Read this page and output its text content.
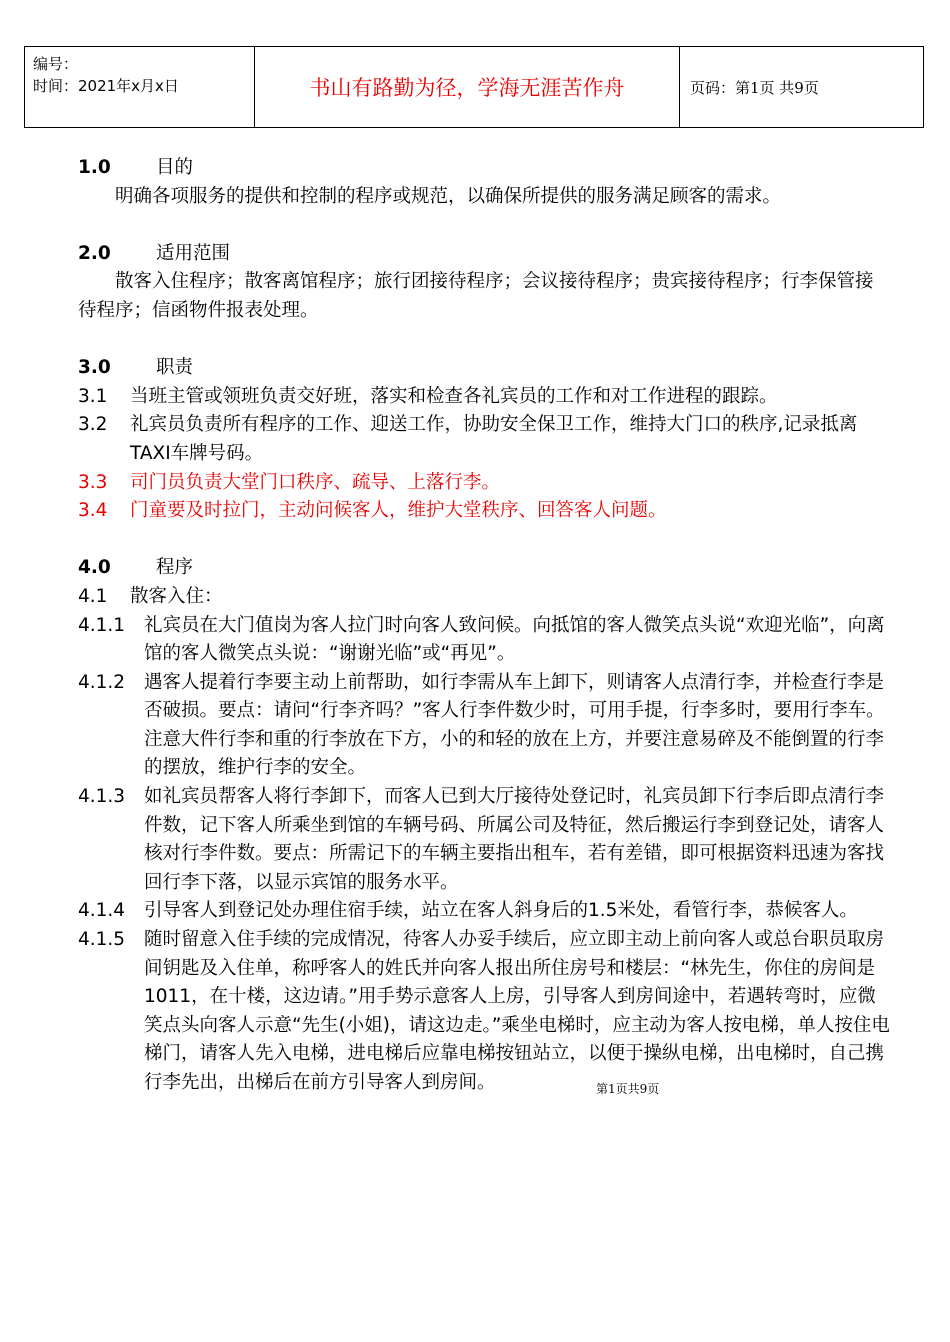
编号：
时间：2021年x月x日	书山有路勤为径，学海无涯苦作舟	页码：第1页 共9页
1.0	目的
明确各项服务的提供和控制的程序或规范，以确保所提供的服务满足顾客的需求。
2.0	适用范围
散客入住程序；散客离馆程序；旅行团接待程序；会议接待程序；贵宾接待程序；行李保管接待程序；信函物件报表处理。
3.0	职责
3.1	当班主管或领班负责交好班，落实和检查各礼宾员的工作和对工作进程的跟踪。
3.2	礼宾员负责所有程序的工作、迎送工作，协助安全保卫工作，维持大门口的秩序,记录抵离TAXI车牌号码。
3.3	司门员负责大堂门口秩序、疏导、上落行李。
3.4	门童要及时拉门，主动问候客人，维护大堂秩序、回答客人问题。
4.0	程序
4.1	散客入住：
4.1.1	礼宾员在大门值岗为客人拉门时向客人致问候。向抵馆的客人微笑点头说“欢迎光临”，向离馆的客人微笑点头说：“谢谢光临”或“再见”。
4.1.2	遇客人提着行李要主动上前帮助，如行李需从车上卸下，则请客人点清行李，并检查行李是否破损。要点：请问“行李齐吗？”客人行李件数少时，可用手提，行李多时，要用行李车。注意大件行李和重的行李放在下方，小的和轻的放在上方，并要注意易碎及不能倒置的行李的摆放，维护行李的安全。
4.1.3	如礼宾员帮客人将行李卸下，而客人已到大厅接待处登记时，礼宾员卸下行李后即点清行李件数，记下客人所乘坐到馆的车辆号码、所属公司及特征，然后搬运行李到登记处，请客人核对行李件数。要点：所需记下的车辆主要指出租车，若有差错，即可根据资料迅速为客找回行李下落，以显示宾馆的服务水平。
4.1.4	引导客人到登记处办理住宿手续，站立在客人斜身后的1.5米处，看管行李，恭候客人。
4.1.5	随时留意入住手续的完成情况，待客人办妥手续后，应立即主动上前向客人或总台职员取房间钥匙及入住单，称呼客人的姓氏并向客人报出所住房号和楼层：“林先生，你住的房间是1011，在十楼，这边请。”用手势示意客人上房，引导客人到房间途中，若遇转弯时，应微笑点头向客人示意“先生(小姐)，请这边走。”乘坐电梯时，应主动为客人按电梯，单人按住电梯门，请客人先入电梯，进电梯后应靠电梯按钮站立，以便于操纵电梯，出电梯时，自己携行李先出，出梯后在前方引导客人到房间。	第1页共9页
